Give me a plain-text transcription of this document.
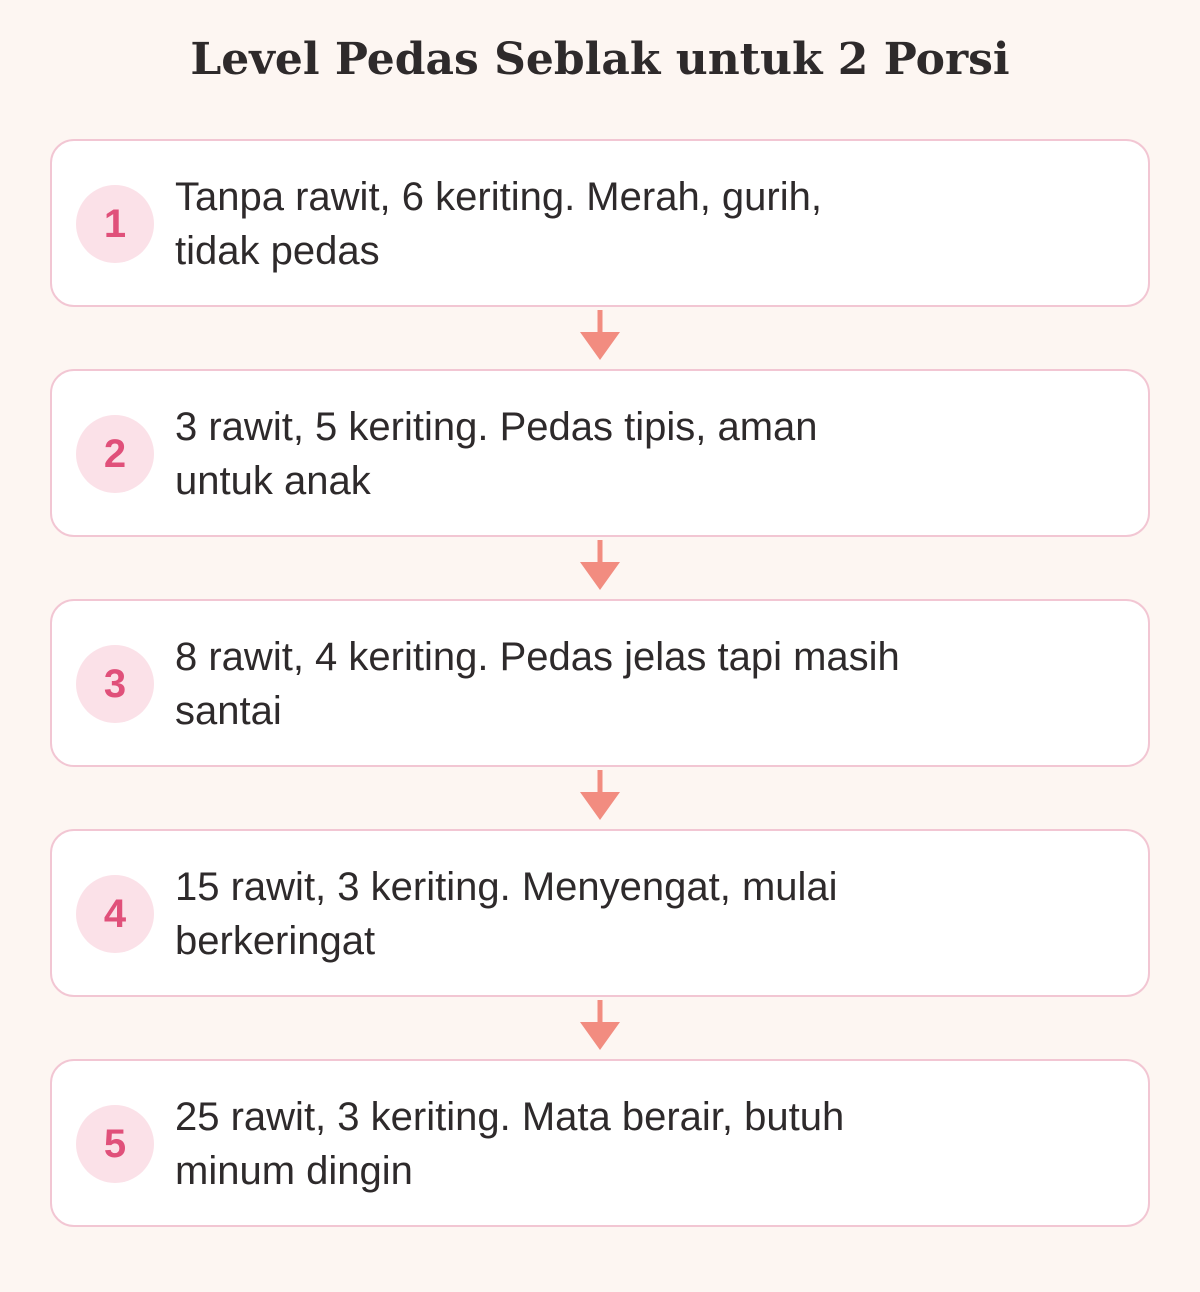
Level Pedas Seblak untuk 2 Porsi
1
Tanpa rawit, 6 keriting. Merah, gurih, tidak pedas
2
3 rawit, 5 keriting. Pedas tipis, aman untuk anak
3
8 rawit, 4 keriting. Pedas jelas tapi masih santai
4
15 rawit, 3 keriting. Menyengat, mulai berkeringat
5
25 rawit, 3 keriting. Mata berair, butuh minum dingin
